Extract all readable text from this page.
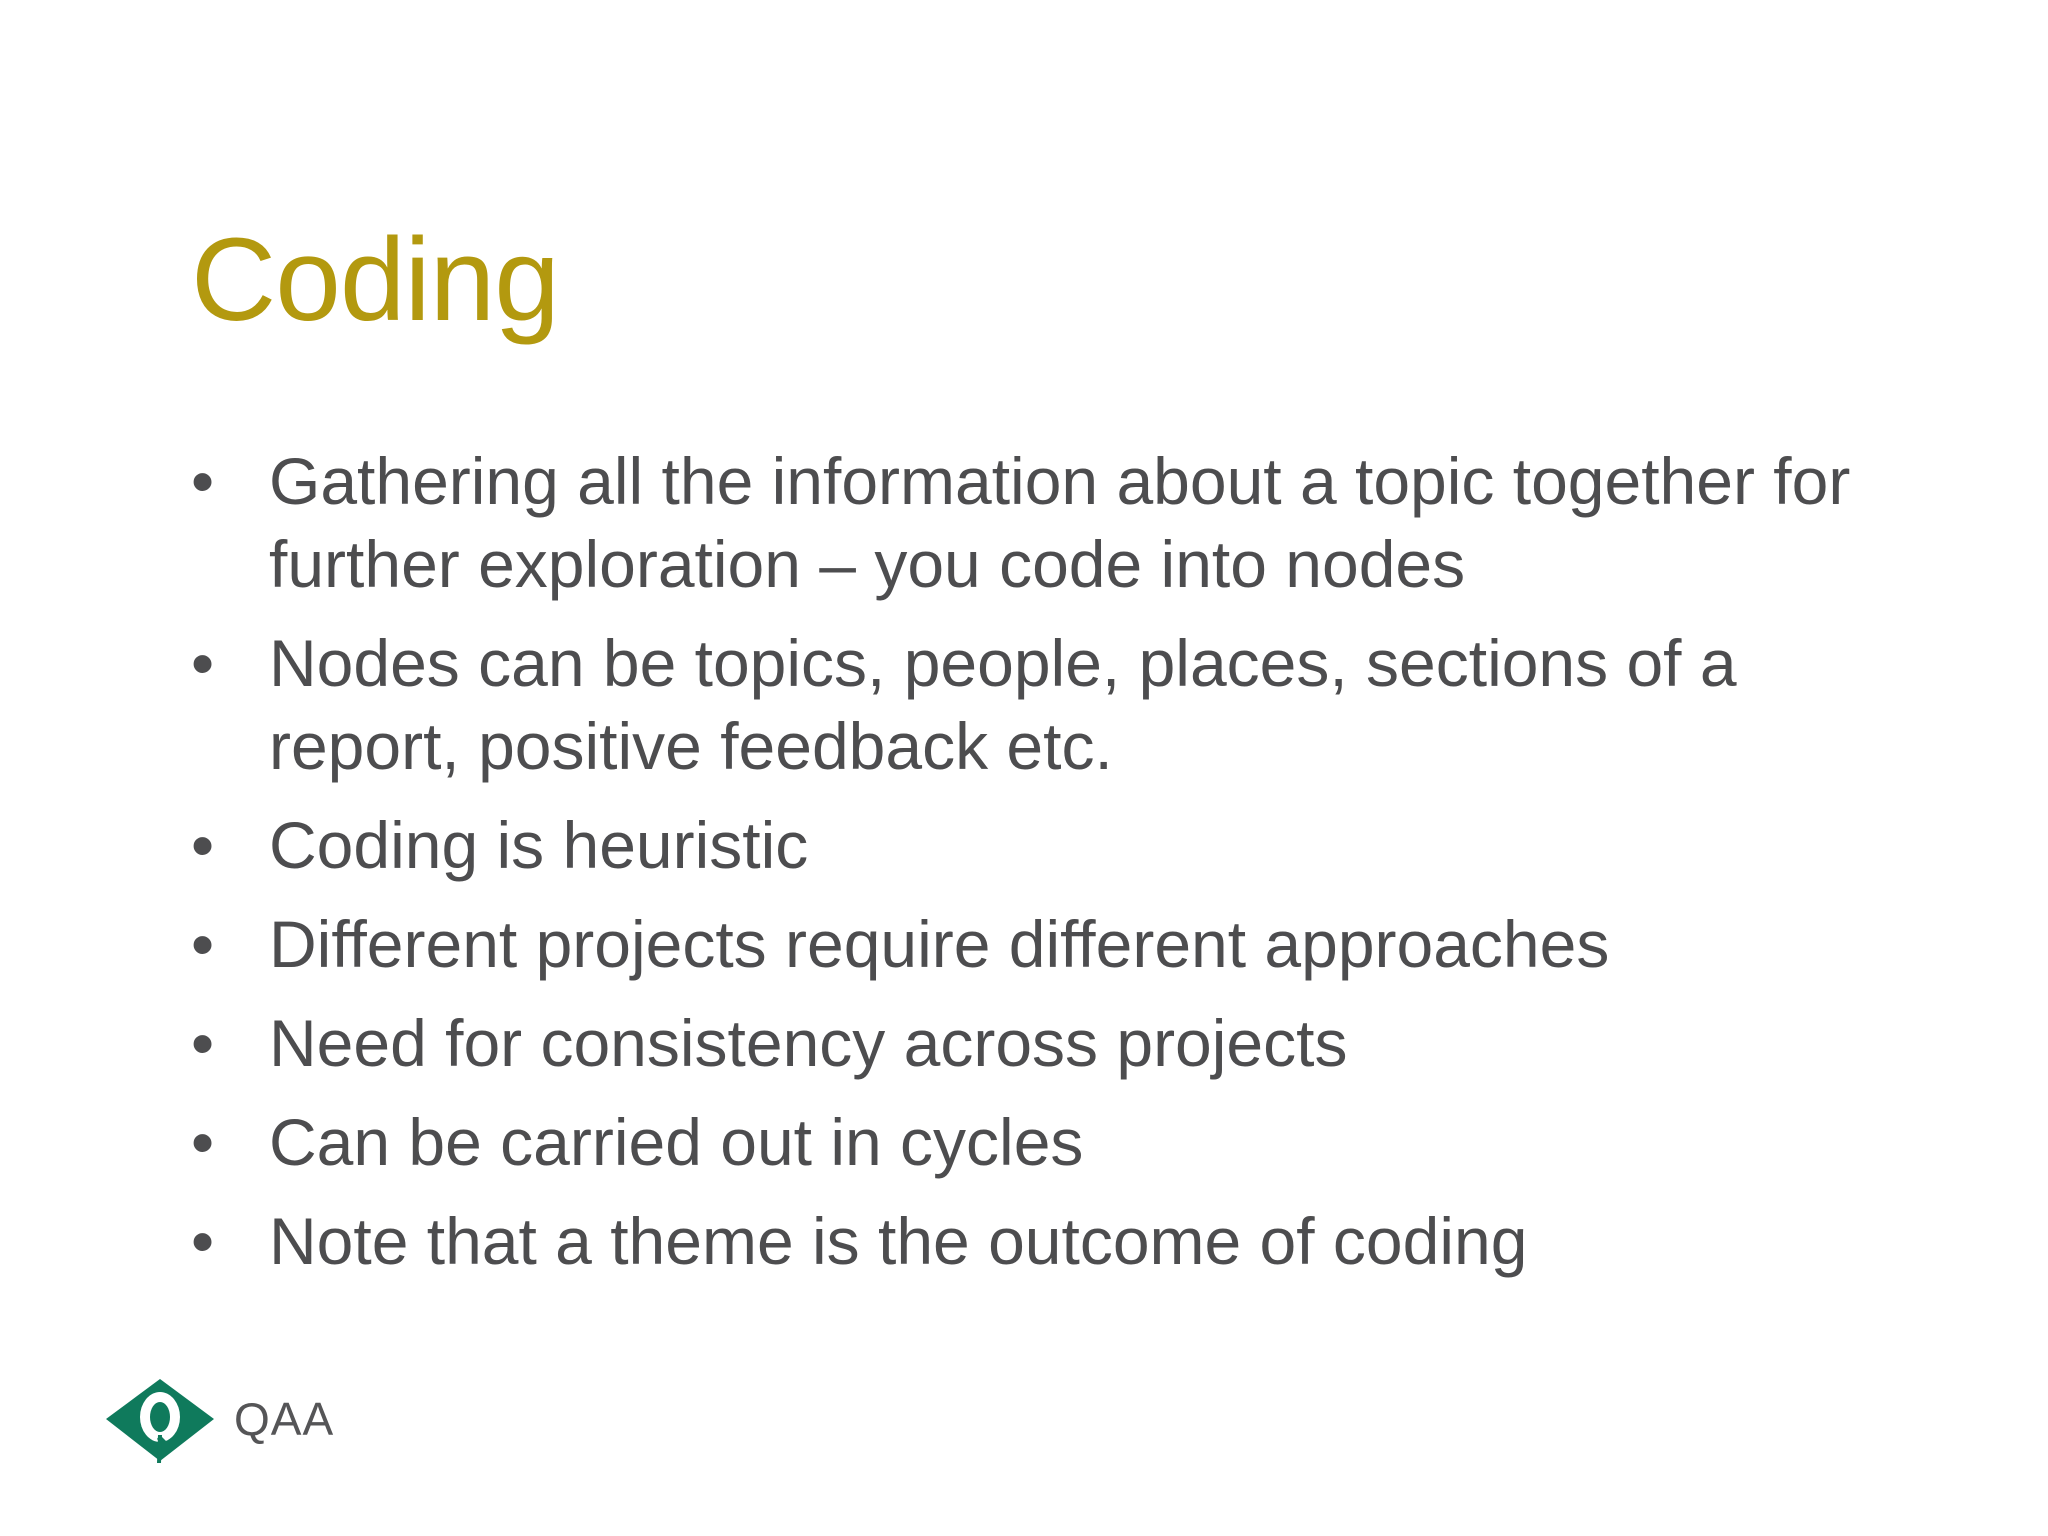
Coding
• Gathering all the information about a topic together for further exploration – you code into nodes
• Nodes can be topics, people, places, sections of a report, positive feedback etc.
• Coding is heuristic
• Different projects require different approaches
• Need for consistency across projects
• Can be carried out in cycles
• Note that a theme is the outcome of coding
QAA
